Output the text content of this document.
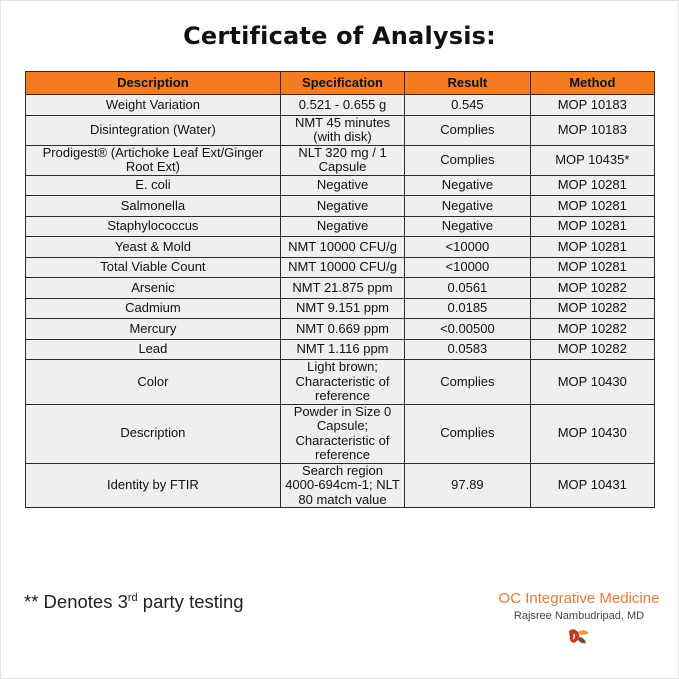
Certificate of Analysis:
Description	Specification	Result	Method
Weight Variation	0.521 - 0.655 g	0.545	MOP 10183
Disintegration (Water)	NMT 45 minutes (with disk)	Complies	MOP 10183
Prodigest® (Artichoke Leaf Ext/Ginger Root Ext)	NLT 320 mg / 1 Capsule	Complies	MOP 10435*
E. coli	Negative	Negative	MOP 10281
Salmonella	Negative	Negative	MOP 10281
Staphylococcus	Negative	Negative	MOP 10281
Yeast & Mold	NMT 10000 CFU/g	<10000	MOP 10281
Total Viable Count	NMT 10000 CFU/g	<10000	MOP 10281
Arsenic	NMT 21.875 ppm	0.0561	MOP 10282
Cadmium	NMT 9.151 ppm	0.0185	MOP 10282
Mercury	NMT 0.669 ppm	<0.00500	MOP 10282
Lead	NMT 1.116 ppm	0.0583	MOP 10282
Color	Light brown; Characteristic of reference	Complies	MOP 10430
Description	Powder in Size 0 Capsule; Characteristic of reference	Complies	MOP 10430
Identity by FTIR	Search region 4000-694cm-1; NLT 80 match value	97.89	MOP 10431
** Denotes 3rd party testing	OC Integrative Medicine
Rajsree Nambudripad, MD
